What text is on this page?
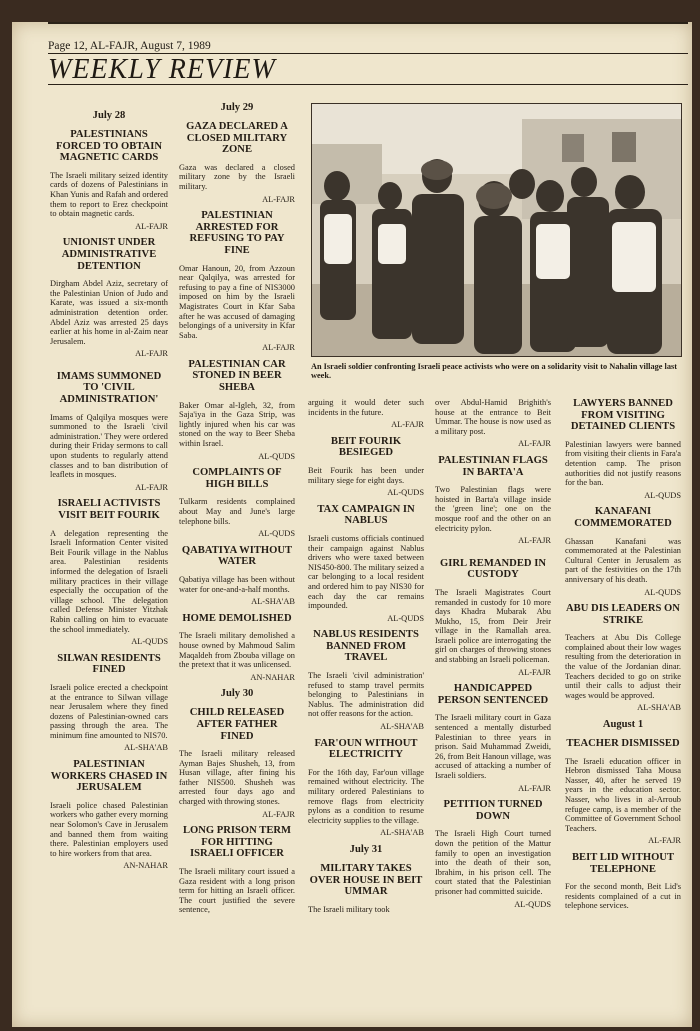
Page 12, AL-FAJR, August 7, 1989
WEEKLY REVIEW
July 28
PALESTINIANS FORCED TO OBTAIN MAGNETIC CARDS

The Israeli military seized identity cards of dozens of Palestinians in Khan Yunis and Rafah and ordered them to report to Erez checkpoint to obtain magnetic cards.

AL-FAJR
UNIONIST UNDER ADMINISTRATIVE DETENTION

Dirgham Abdel Aziz, secretary of the Palestinian Union of Judo and Karate, was issued a six-month administration detention order. Abdel Aziz was arrested 25 days earlier at his home in al-Zaim near Jerusalem.

AL-FAJR
IMAMS SUMMONED TO 'CIVIL ADMINISTRATION'

Imams of Qalqilya mosques were summoned to the Israeli 'civil administration.' They were ordered during their Friday sermons to call upon students to regularly attend classes and to ban distribution of leaflets in mosques.

AL-FAJR
ISRAELI ACTIVISTS VISIT BEIT FOURIK

A delegation representing the Israeli Information Center visited Beit Fourik village in the Nablus area. Palestinian residents informed the delegation of Israeli military practices in their village especially the occupation of the village school. The delegation called Defense Minister Yitzhak Rabin calling on him to evacuate the school immediately.

AL-QUDS
SILWAN RESIDENTS FINED

Israeli police erected a checkpoint at the entrance to Silwan village near Jerusalem where they fined dozens of Palestinian-owned cars passing through the area. The minimum fine amounted to NIS70.

AL-SHA'AB
PALESTINIAN WORKERS CHASED IN JERUSALEM

Israeli police chased Palestinian workers who gather every morning near Solomon's Cave in Jerusalem and banned them from waiting there. Palestinian employers used to hire workers from that area.

AN-NAHAR
July 29
GAZA DECLARED A CLOSED MILITARY ZONE

Gaza was declared a closed military zone by the Israeli military.

AL-FAJR
PALESTINIAN ARRESTED FOR REFUSING TO PAY FINE

Omar Hanoun, 20, from Azzoun near Qalqilya, was arrested for refusing to pay a fine of NIS3000 imposed on him by the Israeli Magistrates Court in Kfar Saba after he was accused of damaging belongings of a university in Kfar Saba.

AL-FAJR
PALESTINIAN CAR STONED IN BEER SHEBA

Baker Omar al-Igleh, 32, from Saja'iya in the Gaza Strip, was lightly injured when his car was stoned on the way to Beer Sheba within Israel.

AL-QUDS
COMPLAINTS OF HIGH BILLS

Tulkarm residents complained about May and June's large telephone bills.

AL-QUDS
QABATIYA WITHOUT WATER

Qabatiya village has been without water for one-and-a-half months.

AL-SHA'AB
HOME DEMOLISHED

The Israeli military demolished a house owned by Mahmoud Salim Maqaldeh from Zbouba village on the pretext that it was unlicensed.

AN-NAHAR
July 30
CHILD RELEASED AFTER FATHER FINED

The Israeli military released Ayman Bajes Shusheh, 13, from Husan village, after fining his father NIS500. Shusheh was arrested four days ago and charged with throwing stones.

AL-FAJR
LONG PRISON TERM FOR HITTING ISRAELI OFFICER

The Israeli military court issued a Gaza resident with a long prison term for hitting an Israeli officer. The court justified the severe sentence,

arguing it would deter such incidents in the future.

AL-FAJR
BEIT FOURIK BESIEGED

Beit Fourik has been under military siege for eight days.

AL-QUDS
TAX CAMPAIGN IN NABLUS

Israeli customs officials continued their campaign against Nablus drivers who were taxed between NIS450-800. The military seized a car belonging to a local resident and ordered him to pay NIS30 for each day the car remains impounded.

AL-QUDS
NABLUS RESIDENTS BANNED FROM TRAVEL

The Israeli 'civil administration' refused to stamp travel permits belonging to Palestinians in Nablus. The administration did not offer reasons for the action.

AL-SHA'AB
FAR'OUN WITHOUT ELECTRICITY

For the 16th day, Far'oun village remained without electricity. The military ordered Palestinians to remove flags from electricity pylons as a condition to resume electricity supplies to the village.

AL-SHA'AB
July 31
MILITARY TAKES OVER HOUSE IN BEIT UMMAR

The Israeli military took

over Abdul-Hamid Brighith's house at the entrance to Beit Ummar. The house is now used as a military post.

AL-FAJR
PALESTINIAN FLAGS IN BARTA'A

Two Palestinian flags were hoisted in Barta'a village inside the 'green line'; one on the mosque roof and the other on an electricity pylon.

AL-FAJR
GIRL REMANDED IN CUSTODY

The Israeli Magistrates Court remanded in custody for 10 more days Khadra Mubarak Abu Mukho, 15, from Deir Jreir village in the Ramallah area. Israeli police are interrogating the girl on charges of throwing stones and stabbing an Israeli policeman.

AL-FAJR
HANDICAPPED PERSON SENTENCED

The Israeli military court in Gaza sentenced a mentally disturbed Palestinian to three years in prison. Said Muhammad Zweidi, 26, from Beit Hanoun village, was accused of attacking a number of Israeli soldiers.

AL-FAJR
PETITION TURNED DOWN

The Israeli High Court turned down the petition of the Mattur family to open an investigation into the death of their son, Ibrahim, in his prison cell. The court stated that the Palestinian prisoner had committed suicide.

AL-QUDS
LAWYERS BANNED FROM VISITING DETAINED CLIENTS

Palestinian lawyers were banned from visiting their clients in Fara'a detention camp. The prison authorities did not justify reasons for the ban.

AL-QUDS
KANAFANI COMMEMORATED

Ghassan Kanafani was commemorated at the Palestinian Cultural Center in Jerusalem as part of the festivities on the 17th anniversary of his death.

AL-QUDS
ABU DIS LEADERS ON STRIKE

Teachers at Abu Dis College complained about their low wages resulting from the deterioration in the value of the Jordanian dinar. Teachers decided to go on strike until their calls to adjust their wages would be approved.

AL-SHA'AB
August 1
TEACHER DISMISSED

The Israeli education officer in Hebron dismissed Taha Mousa Nasser, 40, after he served 19 years in the education sector. Nasser, who lives in al-Arroub refugee camp, is a member of the Committee of Government School Teachers.

AL-FAJR
BEIT LID WITHOUT TELEPHONE

For the second month, Beit Lid's residents complained of a cut in telephone services.

An Israeli soldier confronting Israeli peace activists who were on a solidarity visit to Nahalin village last week.
